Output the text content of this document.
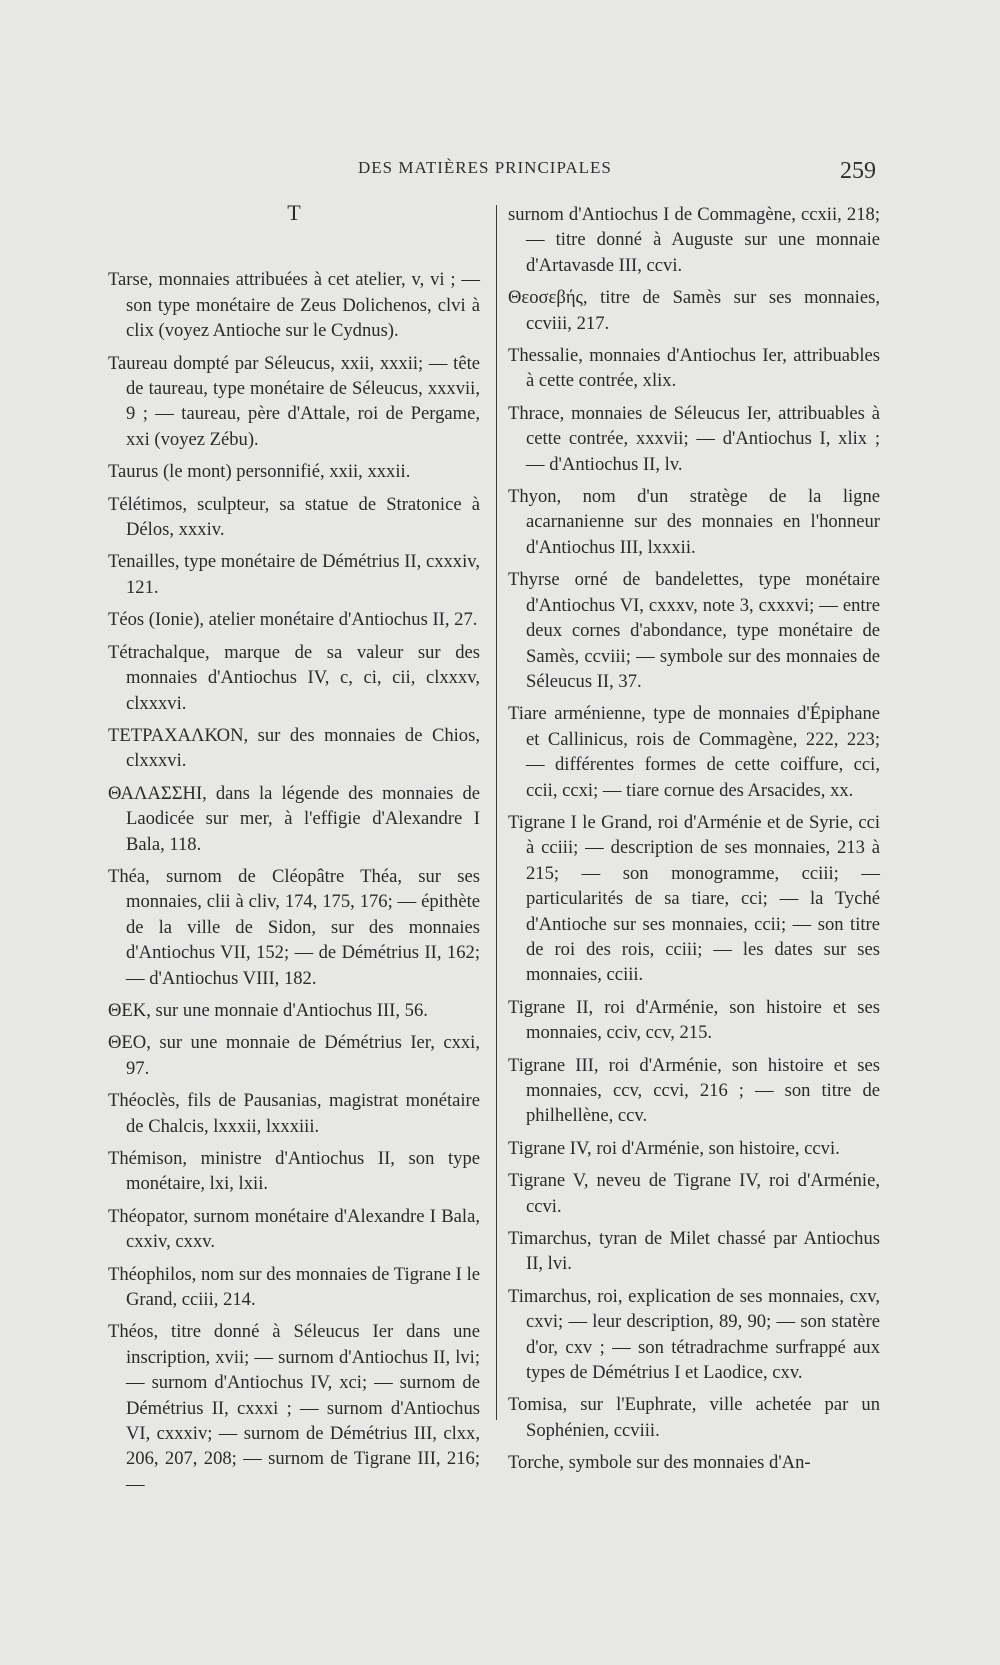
DES MATIÈRES PRINCIPALES	259
T

Tarse, monnaies attribuées à cet atelier, v, vi ; — son type monétaire de Zeus Dolichenos, clvi à clix (voyez Antioche sur le Cydnus).

Taureau dompté par Séleucus, xxii, xxxii; — tête de taureau, type monétaire de Séleucus, xxxvii, 9 ; — taureau, père d'Attale, roi de Pergame, xxi (voyez Zébu).

Taurus (le mont) personnifié, xxii, xxxii.

Télétimos, sculpteur, sa statue de Stratonice à Délos, xxxiv.

Tenailles, type monétaire de Démétrius II, cxxxiv, 121.

Téos (Ionie), atelier monétaire d'Antiochus II, 27.

Tétrachalque, marque de sa valeur sur des monnaies d'Antiochus IV, c, ci, cii, clxxxv, clxxxvi.

ΤΕΤΡΑΧΑΛΚΟΝ, sur des monnaies de Chios, clxxxvi.

ΘΑΛΑΣΣΗΙ, dans la légende des monnaies de Laodicée sur mer, à l'effigie d'Alexandre I Bala, 118.

Théa, surnom de Cléopâtre Théa, sur ses monnaies, clii à cliv, 174, 175, 176; — épithète de la ville de Sidon, sur des monnaies d'Antiochus VII, 152; — de Démétrius II, 162; — d'Antiochus VIII, 182.

ΘΕΚ, sur une monnaie d'Antiochus III, 56.

ΘΕΟ, sur une monnaie de Démétrius Ier, cxxi, 97.

Théoclès, fils de Pausanias, magistrat monétaire de Chalcis, lxxxii, lxxxiii.

Thémison, ministre d'Antiochus II, son type monétaire, lxi, lxii.

Théopator, surnom monétaire d'Alexandre I Bala, cxxiv, cxxv.

Théophilos, nom sur des monnaies de Tigrane I le Grand, cciii, 214.

Théos, titre donné à Séleucus Ier dans une inscription, xvii; — surnom d'Antiochus II, lvi; — surnom d'Antiochus IV, xci; — surnom de Démétrius II, cxxxi ; — surnom d'Antiochus VI, cxxxiv; — surnom de Démétrius III, clxx, 206, 207, 208; — surnom de Tigrane III, 216; —

surnom d'Antiochus I de Commagène, ccxii, 218; — titre donné à Auguste sur une monnaie d'Artavasde III, ccvi.

Θεοσεβής, titre de Samès sur ses monnaies, ccviii, 217.

Thessalie, monnaies d'Antiochus Ier, attribuables à cette contrée, xlix.

Thrace, monnaies de Séleucus Ier, attribuables à cette contrée, xxxvii; — d'Antiochus I, xlix ; — d'Antiochus II, lv.

Thyon, nom d'un stratège de la ligne acarnanienne sur des monnaies en l'honneur d'Antiochus III, lxxxii.

Thyrse orné de bandelettes, type monétaire d'Antiochus VI, cxxxv, note 3, cxxxvi; — entre deux cornes d'abondance, type monétaire de Samès, ccviii; — symbole sur des monnaies de Séleucus II, 37.

Tiare arménienne, type de monnaies d'Épiphane et Callinicus, rois de Commagène, 222, 223; — différentes formes de cette coiffure, cci, ccii, ccxi; — tiare cornue des Arsacides, xx.

Tigrane I le Grand, roi d'Arménie et de Syrie, cci à cciii; — description de ses monnaies, 213 à 215; — son monogramme, cciii; — particularités de sa tiare, cci; — la Tyché d'Antioche sur ses monnaies, ccii; — son titre de roi des rois, cciii; — les dates sur ses monnaies, cciii.

Tigrane II, roi d'Arménie, son histoire et ses monnaies, cciv, ccv, 215.

Tigrane III, roi d'Arménie, son histoire et ses monnaies, ccv, ccvi, 216 ; — son titre de philhellène, ccv.

Tigrane IV, roi d'Arménie, son histoire, ccvi.

Tigrane V, neveu de Tigrane IV, roi d'Arménie, ccvi.

Timarchus, tyran de Milet chassé par Antiochus II, lvi.

Timarchus, roi, explication de ses monnaies, cxv, cxvi; — leur description, 89, 90; — son statère d'or, cxv ; — son tétradrachme surfrappé aux types de Démétrius I et Laodice, cxv.

Tomisa, sur l'Euphrate, ville achetée par un Sophénien, ccviii.

Torche, symbole sur des monnaies d'An-
